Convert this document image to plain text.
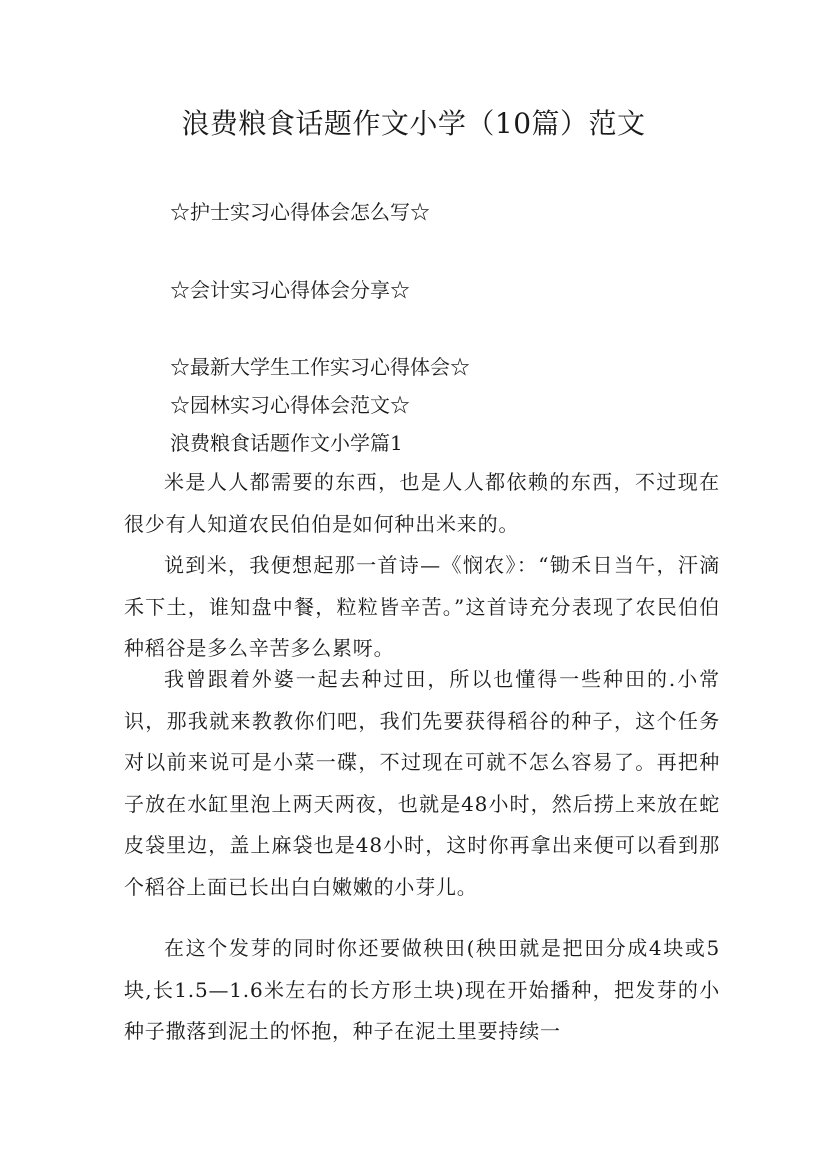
浪费粮食话题作文小学（10篇）范文

☆护士实习心得体会怎么写☆

☆会计实习心得体会分享☆

☆最新大学生工作实习心得体会☆

☆园林实习心得体会范文☆

浪费粮食话题作文小学篇1

米是人人都需要的东西，也是人人都依赖的东西，不过现在很少有人知道农民伯伯是如何种出米来的。

说到米，我便想起那一首诗—《悯农》：“锄禾日当午，汗滴禾下土，谁知盘中餐，粒粒皆辛苦。”这首诗充分表现了农民伯伯种稻谷是多么辛苦多么累呀。

我曾跟着外婆一起去种过田，所以也懂得一些种田的.小常识，那我就来教教你们吧，我们先要获得稻谷的种子，这个任务对以前来说可是小菜一碟，不过现在可就不怎么容易了。再把种子放在水缸里泡上两天两夜，也就是48小时，然后捞上来放在蛇皮袋里边，盖上麻袋也是48小时，这时你再拿出来便可以看到那个稻谷上面已长出白白嫩嫩的小芽儿。

在这个发芽的同时你还要做秧田(秧田就是把田分成4块或5块,长1.5—1.6米左右的长方形土块)现在开始播种，把发芽的小种子撒落到泥土的怀抱，种子在泥土里要持续一
